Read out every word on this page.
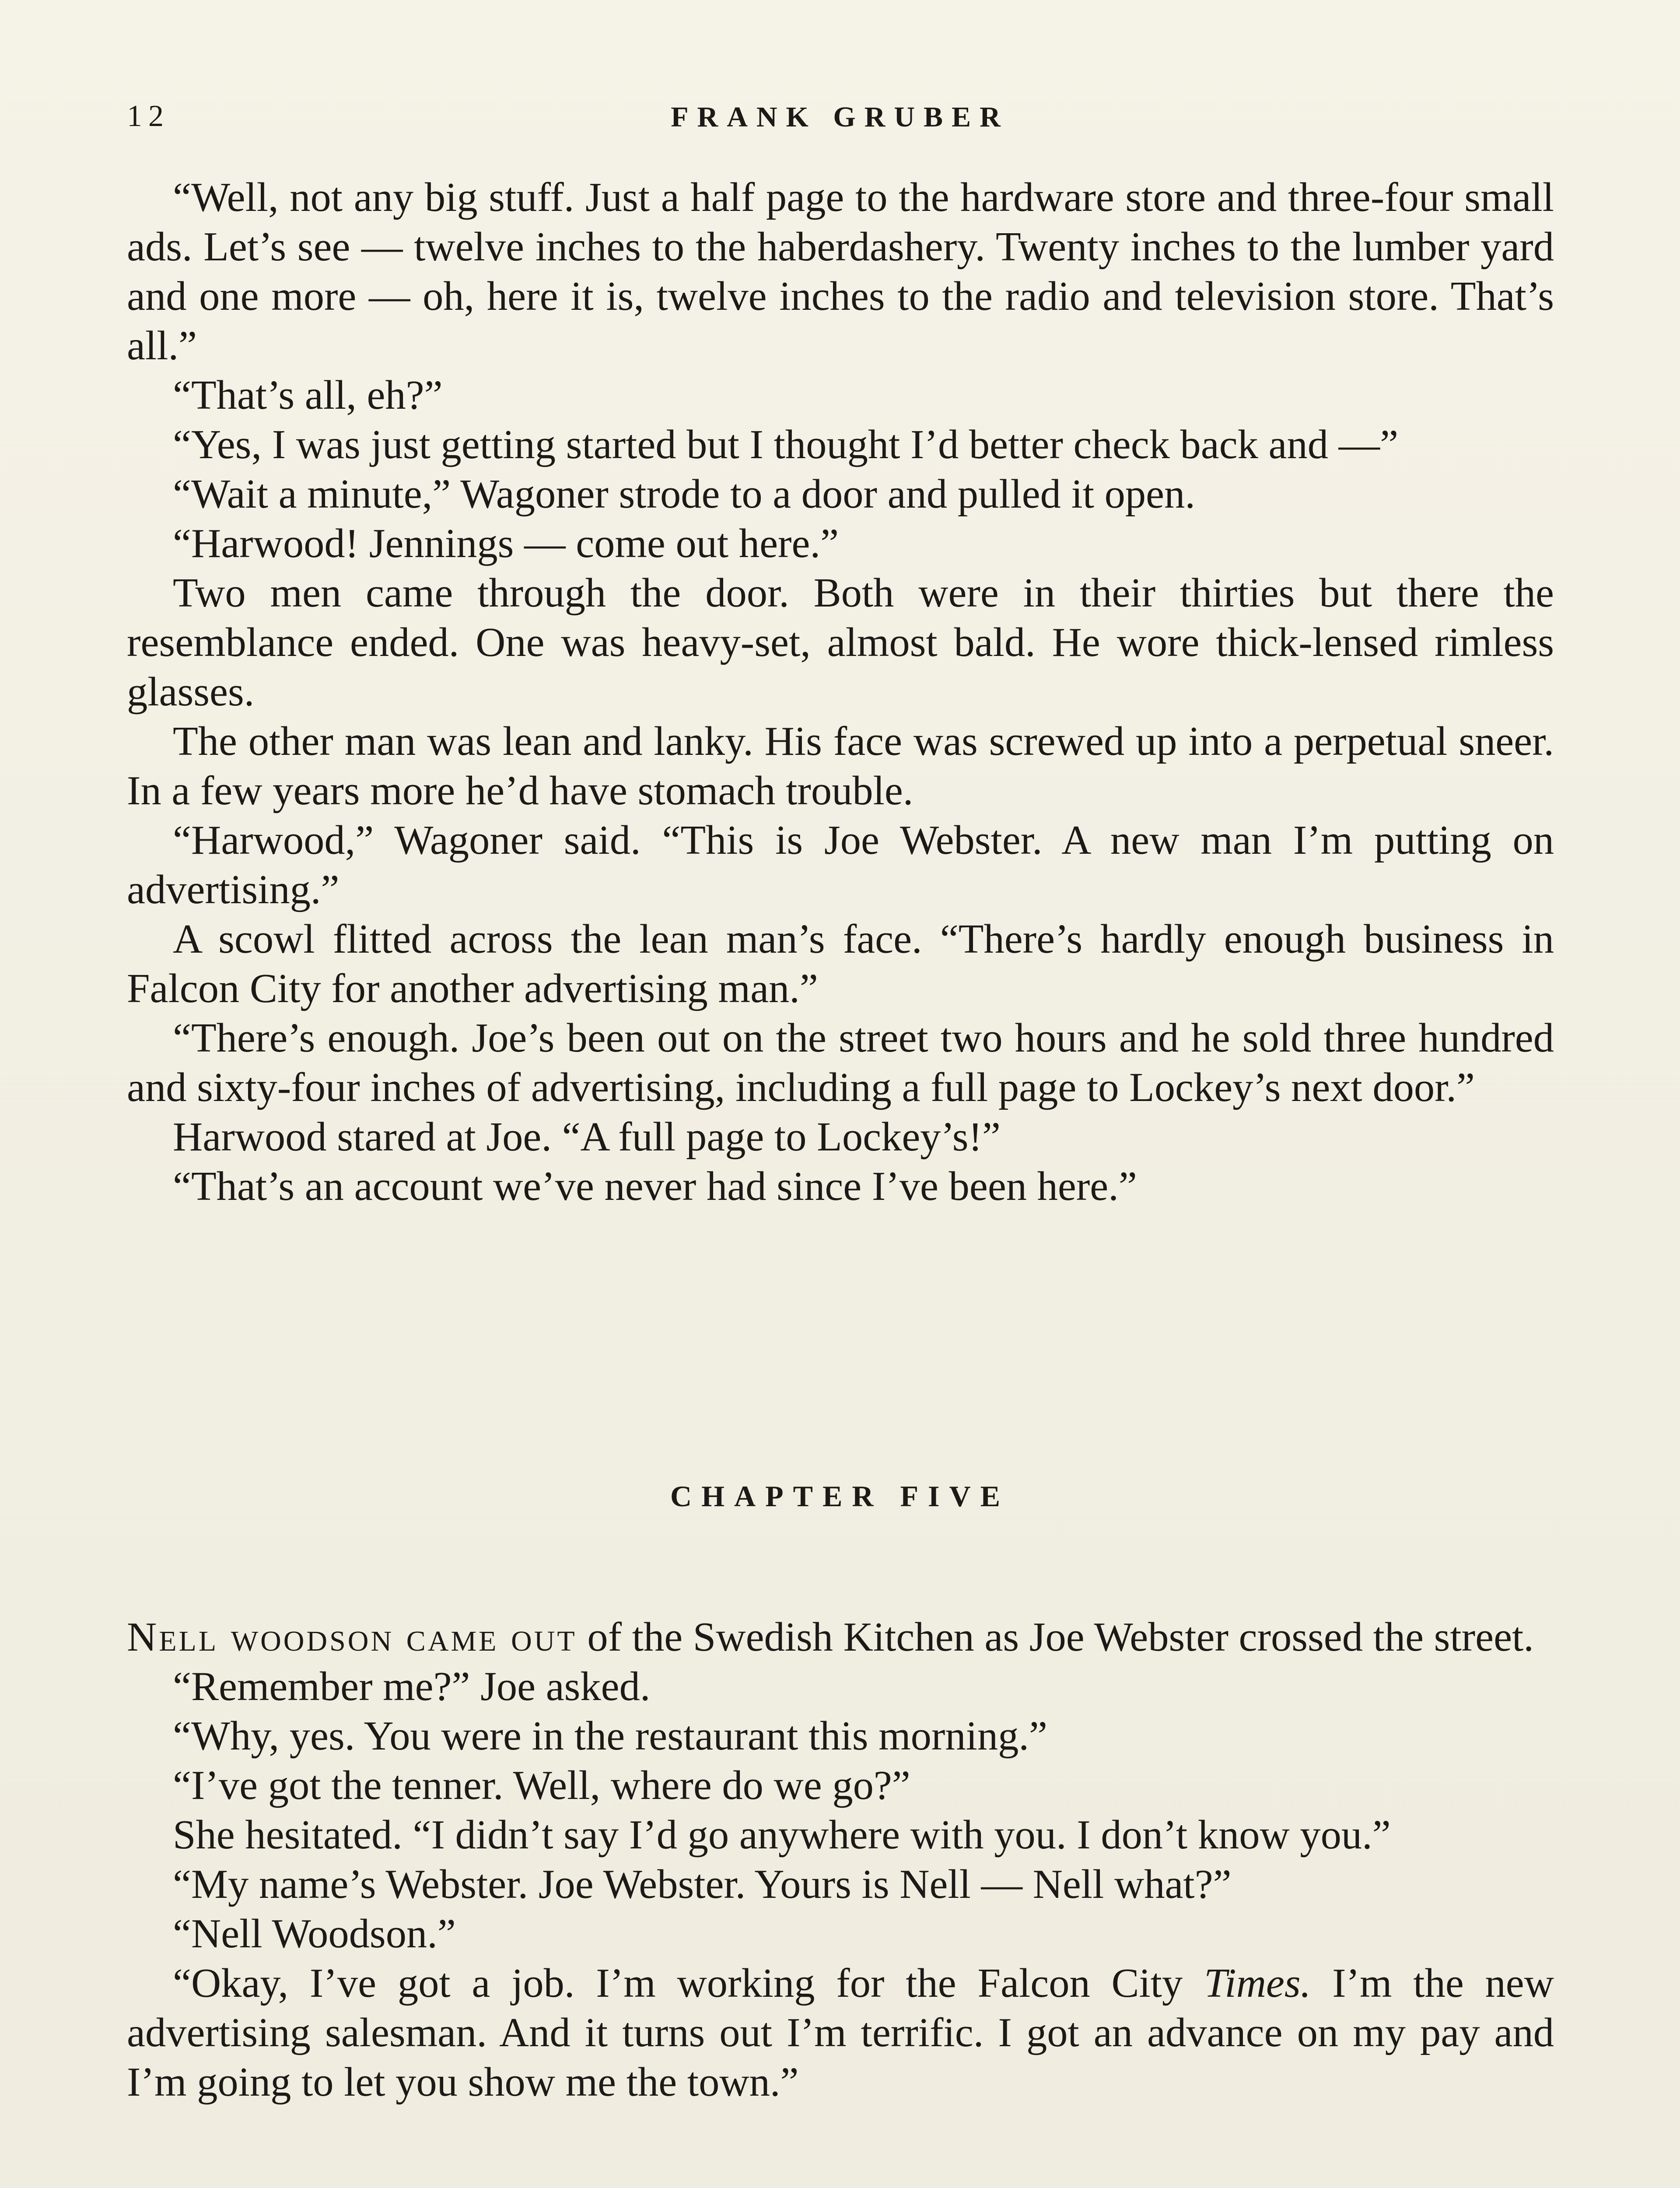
12	FRANK GRUBER

“Well, not any big stuff. Just a half page to the hardware store and three-four small ads. Let’s see — twelve inches to the haberdashery. Twenty inches to the lumber yard and one more — oh, here it is, twelve inches to the radio and television store. That’s all.”

“That’s all, eh?”

“Yes, I was just getting started but I thought I’d better check back and —”

“Wait a minute,” Wagoner strode to a door and pulled it open.

“Harwood! Jennings — come out here.”

Two men came through the door. Both were in their thirties but there the resemblance ended. One was heavy-set, almost bald. He wore thick-lensed rimless glasses.

The other man was lean and lanky. His face was screwed up into a perpetual sneer. In a few years more he’d have stomach trouble.

“Harwood,” Wagoner said. “This is Joe Webster. A new man I’m putting on advertising.”

A scowl flitted across the lean man’s face. “There’s hardly enough business in Falcon City for another advertising man.”

“There’s enough. Joe’s been out on the street two hours and he sold three hundred and sixty-four inches of advertising, including a full page to Lockey’s next door.”

Harwood stared at Joe. “A full page to Lockey’s!”

“That’s an account we’ve never had since I’ve been here.”

CHAPTER FIVE

Nell woodson came out of the Swedish Kitchen as Joe Webster crossed the street.

“Remember me?” Joe asked.

“Why, yes. You were in the restaurant this morning.”

“I’ve got the tenner. Well, where do we go?”

She hesitated. “I didn’t say I’d go anywhere with you. I don’t know you.”

“My name’s Webster. Joe Webster. Yours is Nell — Nell what?”

“Nell Woodson.”

“Okay, I’ve got a job. I’m working for the Falcon City Times. I’m the new advertising salesman. And it turns out I’m terrific. I got an advance on my pay and I’m going to let you show me the town.”
